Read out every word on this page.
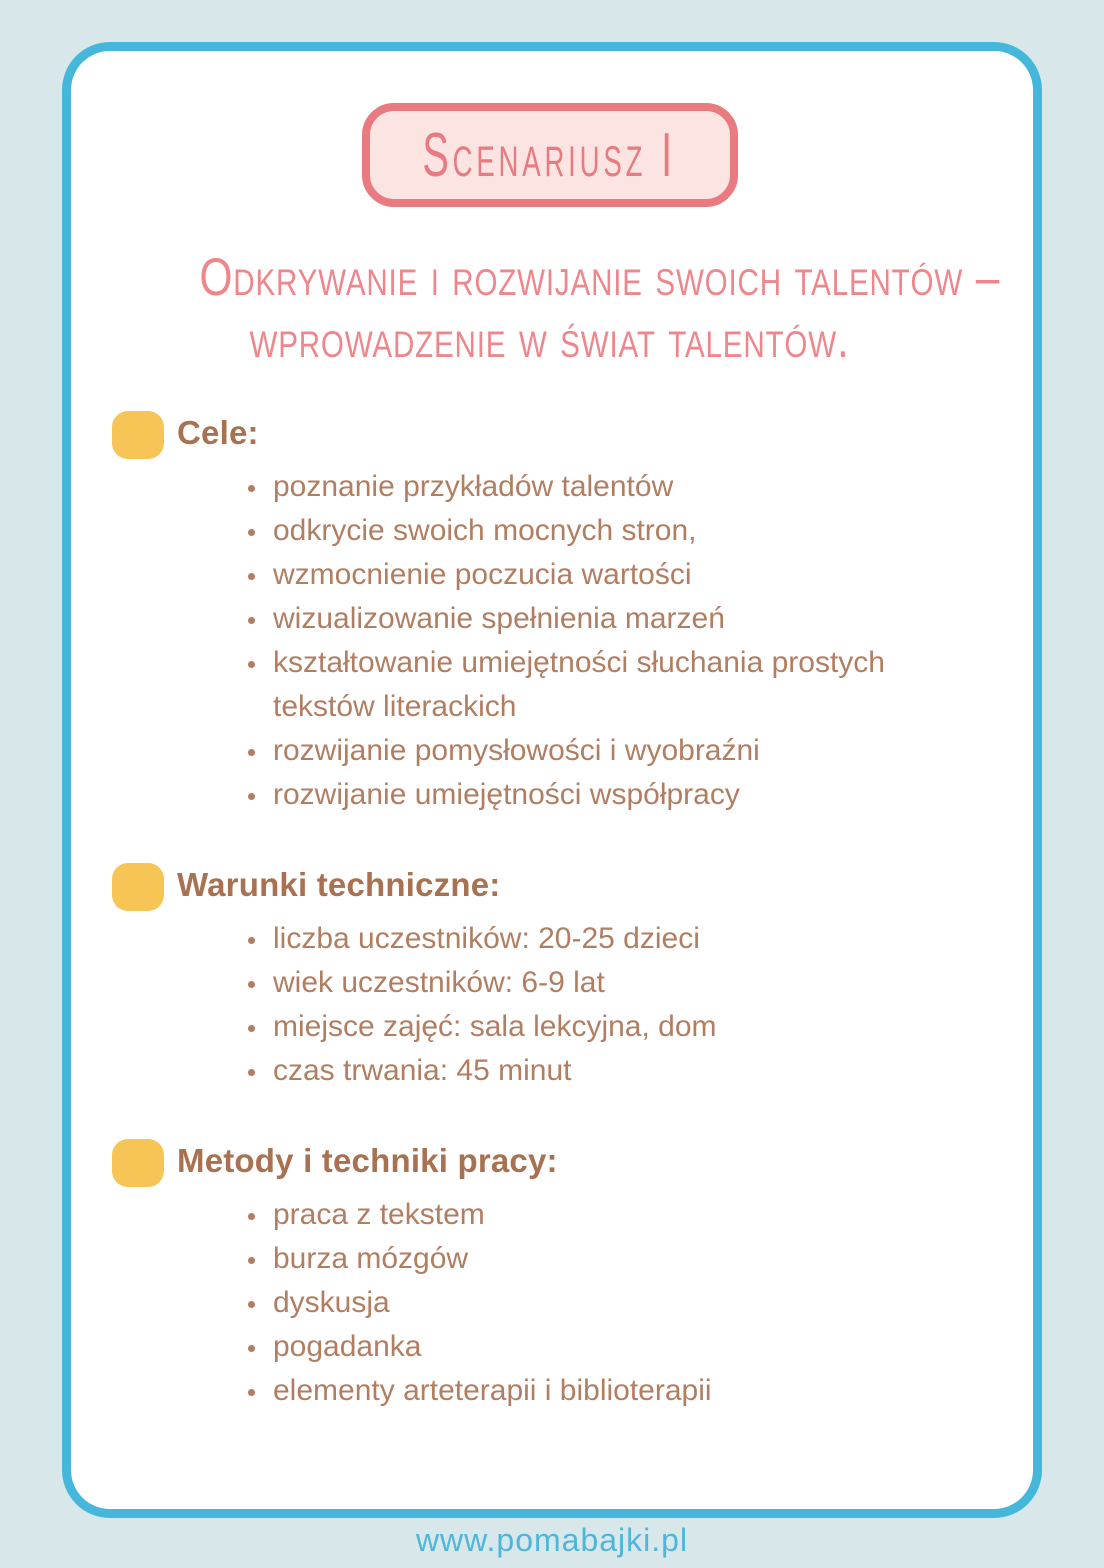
Scenariusz I
Odkrywanie i rozwijanie swoich talentów –
wprowadzenie w świat talentów.
Cele:
• poznanie przykładów talentów
• odkrycie swoich mocnych stron,
• wzmocnienie poczucia wartości
• wizualizowanie spełnienia marzeń
• kształtowanie umiejętności słuchania prostych tekstów literackich
• rozwijanie pomysłowości i wyobraźni
• rozwijanie umiejętności współpracy
Warunki techniczne:
• liczba uczestników: 20-25 dzieci
• wiek uczestników: 6-9 lat
• miejsce zajęć: sala lekcyjna, dom
• czas trwania: 45 minut
Metody i techniki pracy:
• praca z tekstem
• burza mózgów
• dyskusja
• pogadanka
• elementy arteterapii i biblioterapii
www.pomabajki.pl
